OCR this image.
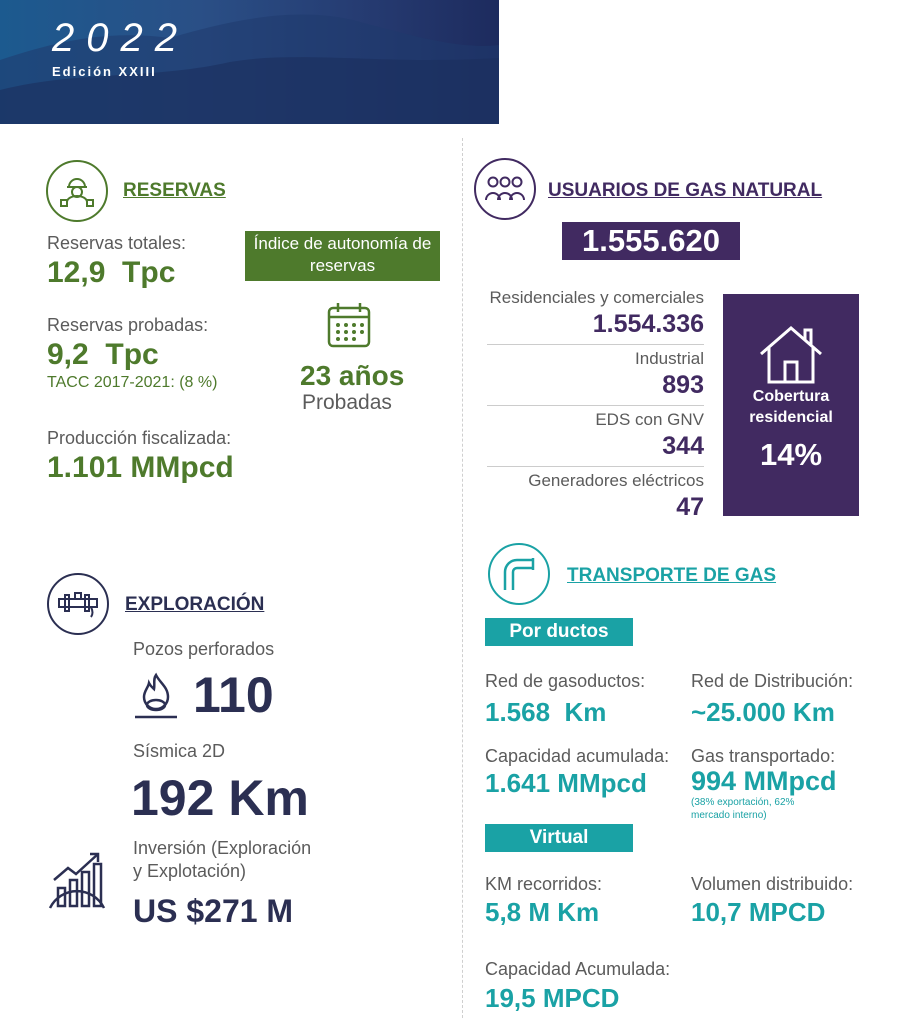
2022
Edición XXIII
RESERVAS
Reservas totales:
12,9  Tpc
Reservas probadas:
9,2  Tpc
TACC 2017-2021: (8 %)
Producción fiscalizada:
1.101 MMpcd
Índice de autonomía de reservas
23 años
Probadas
EXPLORACIÓN
Pozos perforados
110
Sísmica 2D
192 Km
Inversión (Exploración
y Explotación)
US $271 M
USUARIOS DE GAS NATURAL
1.555.620
Residenciales y comerciales
1.554.336
Industrial
893
EDS con GNV
344
Generadores eléctricos
47
Cobertura
residencial
14%
TRANSPORTE DE GAS
Por ductos
Red de gasoductos:
1.568  Km
Red de Distribución:
~25.000 Km
Capacidad acumulada:
1.641 MMpcd
Gas transportado:
994 MMpcd
(38% exportación, 62%
mercado interno)
Virtual
KM recorridos:
5,8 M Km
Volumen distribuido:
10,7 MPCD
Capacidad Acumulada:
19,5 MPCD
